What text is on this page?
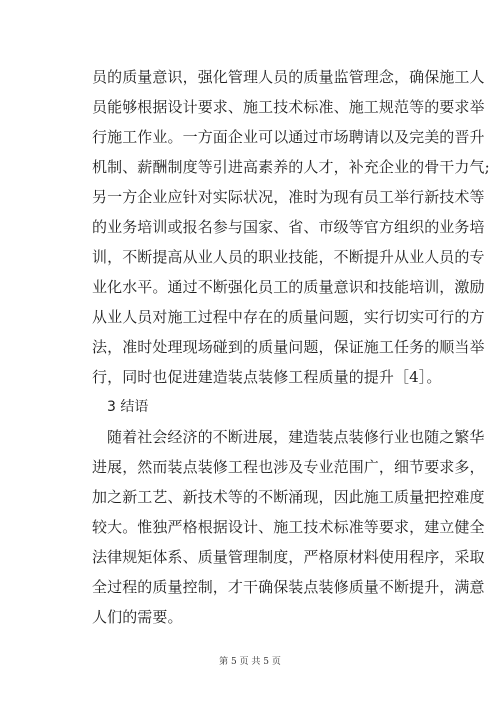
员的质量意识，强化管理人员的质量监管理念，确保施工人
员能够根据设计要求、施工技术标准、施工规范等的要求举
行施工作业。一方面企业可以通过市场聘请以及完美的晋升
机制、薪酬制度等引进高素养的人才，补充企业的骨干力气;
另一方企业应针对实际状况，准时为现有员工举行新技术等
的业务培训或报名参与国家、省、市级等官方组织的业务培
训，不断提高从业人员的职业技能，不断提升从业人员的专
业化水平。通过不断强化员工的质量意识和技能培训，激励
从业人员对施工过程中存在的质量问题，实行切实可行的方
法，准时处理现场碰到的质量问题，保证施工任务的顺当举
行，同时也促进建造装点装修工程质量的提升［4］。
3 结语
随着社会经济的不断进展，建造装点装修行业也随之繁华
进展，然而装点装修工程也涉及专业范围广，细节要求多，
加之新工艺、新技术等的不断涌现，因此施工质量把控难度
较大。惟独严格根据设计、施工技术标准等要求，建立健全
法律规矩体系、质量管理制度，严格原材料使用程序，采取
全过程的质量控制，才干确保装点装修质量不断提升，满意
人们的需要。
第 5 页 共 5 页
